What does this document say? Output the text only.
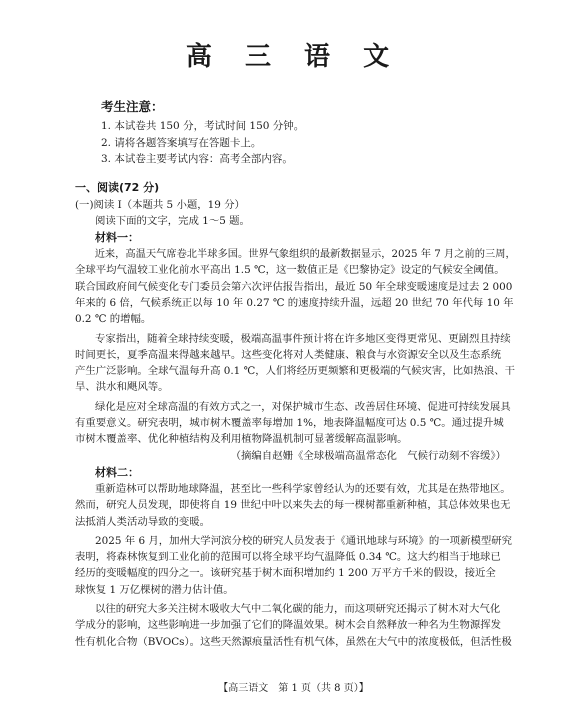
高 三 语 文
考生注意：
1. 本试卷共 150 分，考试时间 150 分钟。
2. 请将各题答案填写在答题卡上。
3. 本试卷主要考试内容：高考全部内容。
一、阅读(72 分)
(一)阅读 I（本题共 5 小题，19 分）
阅读下面的文字，完成 1～5 题。
材料一：
近来，高温天气席卷北半球多国。世界气象组织的最新数据显示，2025 年 7 月之前的三周，
全球平均气温较工业化前水平高出 1.5 ℃，这一数值正是《巴黎协定》设定的气候安全阈值。
联合国政府间气候变化专门委员会第六次评估报告指出，最近 50 年全球变暖速度是过去 2 000
年来的 6 倍，气候系统正以每 10 年 0.27 ℃ 的速度持续升温，远超 20 世纪 70 年代每 10 年
0.2 ℃ 的增幅。
专家指出，随着全球持续变暖，极端高温事件预计将在许多地区变得更常见、更剧烈且持续
时间更长，夏季高温来得越来越早。这些变化将对人类健康、粮食与水资源安全以及生态系统
产生广泛影响。全球气温每升高 0.1 ℃，人们将经历更频繁和更极端的气候灾害，比如热浪、干
旱、洪水和飓风等。
绿化是应对全球高温的有效方式之一，对保护城市生态、改善居住环境、促进可持续发展具
有重要意义。研究表明，城市树木覆盖率每增加 1%，地表降温幅度可达 0.5 ℃。通过提升城
市树木覆盖率、优化种植结构及利用植物降温机制可显著缓解高温影响。
（摘编自赵姗《全球极端高温常态化　气候行动刻不容缓》）
材料二：
重新造林可以帮助地球降温，甚至比一些科学家曾经认为的还要有效，尤其是在热带地区。
然而，研究人员发现，即使将自 19 世纪中叶以来失去的每一棵树都重新种植，其总体效果也无
法抵消人类活动导致的变暖。
2025 年 6 月，加州大学河滨分校的研究人员发表于《通讯地球与环境》的一项新模型研究
表明，将森林恢复到工业化前的范围可以将全球平均气温降低 0.34 ℃。这大约相当于地球已
经历的变暖幅度的四分之一。该研究基于树木面积增加约 1 200 万平方千米的假设，接近全
球恢复 1 万亿棵树的潜力估计值。
以往的研究大多关注树木吸收大气中二氧化碳的能力，而这项研究还揭示了树木对大气化
学成分的影响，这些影响进一步加强了它们的降温效果。树木会自然释放一种名为生物源挥发
性有机化合物（BVOCs）。这些天然源痕量活性有机气体，虽然在大气中的浓度极低，但活性极
【高三语文　第 1 页（共 8 页）】
